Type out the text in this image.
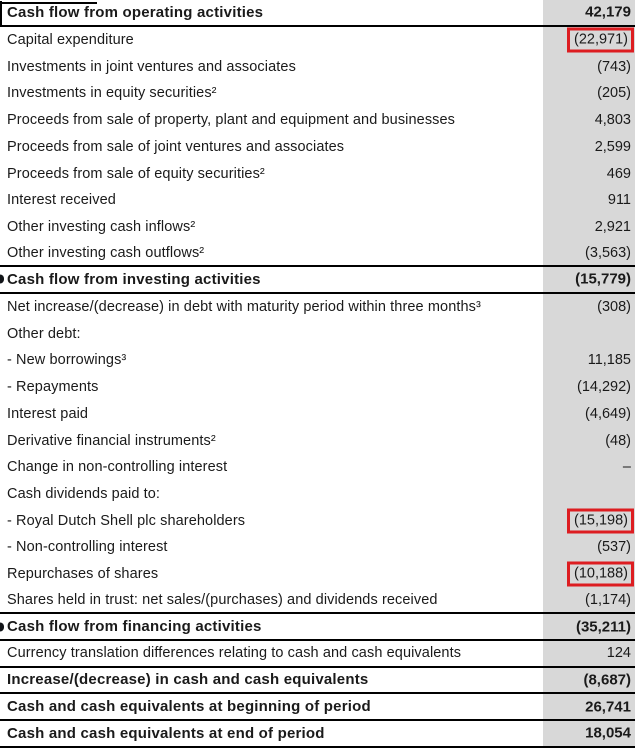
Cash flow from operating activities	42,179
Capital expenditure	(22,971)
Investments in joint ventures and associates	(743)
Investments in equity securities²	(205)
Proceeds from sale of property, plant and equipment and businesses	4,803
Proceeds from sale of joint ventures and associates	2,599
Proceeds from sale of equity securities²	469
Interest received	911
Other investing cash inflows²	2,921
Other investing cash outflows²	(3,563)
Cash flow from investing activities	(15,779)
Net increase/(decrease) in debt with maturity period within three months³	(308)
Other debt:
- New borrowings³	11,185
- Repayments	(14,292)
Interest paid	(4,649)
Derivative financial instruments²	(48)
Change in non-controlling interest	–
Cash dividends paid to:
- Royal Dutch Shell plc shareholders	(15,198)
- Non-controlling interest	(537)
Repurchases of shares	(10,188)
Shares held in trust: net sales/(purchases) and dividends received	(1,174)
Cash flow from financing activities	(35,211)
Currency translation differences relating to cash and cash equivalents	124
Increase/(decrease) in cash and cash equivalents	(8,687)
Cash and cash equivalents at beginning of period	26,741
Cash and cash equivalents at end of period	18,054
